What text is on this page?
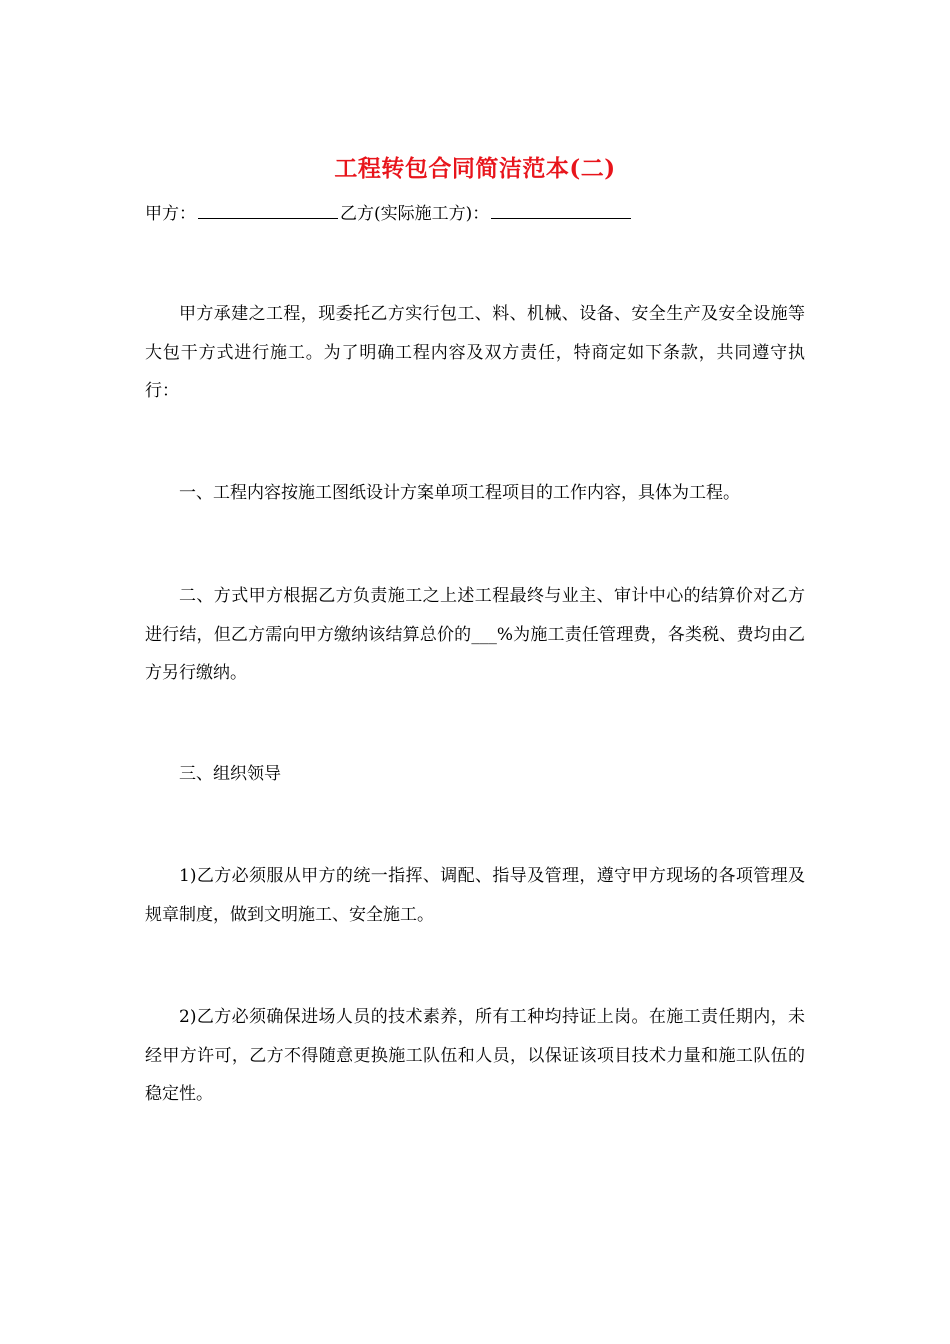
工程转包合同简洁范本(二)
甲方：	乙方(实际施工方)：

甲方承建之工程，现委托乙方实行包工、料、机械、设备、安全生产及安全设施等大包干方式进行施工。为了明确工程内容及双方责任，特商定如下条款，共同遵守执行：

一、工程内容按施工图纸设计方案单项工程项目的工作内容，具体为工程。

二、方式甲方根据乙方负责施工之上述工程最终与业主、审计中心的结算价对乙方进行结，但乙方需向甲方缴纳该结算总价的___%为施工责任管理费，各类税、费均由乙方另行缴纳。

三、组织领导

1)乙方必须服从甲方的统一指挥、调配、指导及管理，遵守甲方现场的各项管理及规章制度，做到文明施工、安全施工。

2)乙方必须确保进场人员的技术素养，所有工种均持证上岗。在施工责任期内，未经甲方许可，乙方不得随意更换施工队伍和人员，以保证该项目技术力量和施工队伍的稳定性。
